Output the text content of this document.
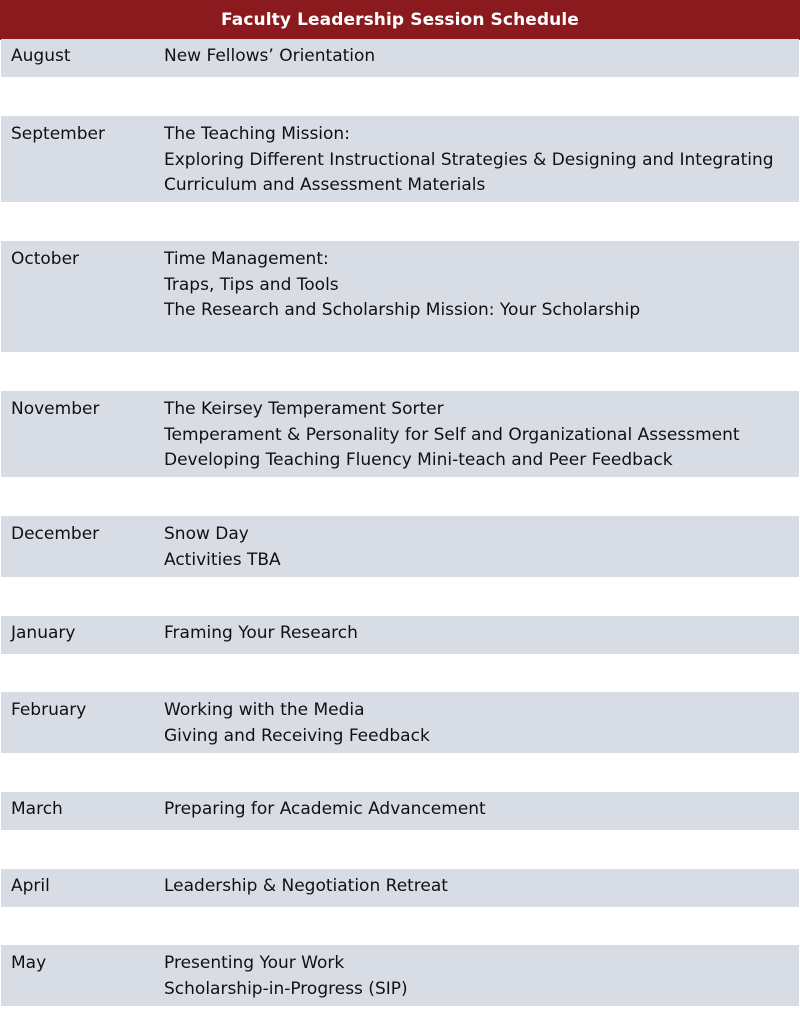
Faculty Leadership Session Schedule
August	New Fellows’ Orientation
September	The Teaching Mission:
Exploring Different Instructional Strategies & Designing and Integrating
Curriculum and Assessment Materials
October	Time Management:
Traps, Tips and Tools
The Research and Scholarship Mission: Your Scholarship
November	The Keirsey Temperament Sorter
Temperament & Personality for Self and Organizational Assessment
Developing Teaching Fluency Mini-teach and Peer Feedback
December	Snow Day
Activities TBA
January	Framing Your Research
February	Working with the Media
Giving and Receiving Feedback
March	Preparing for Academic Advancement
April	Leadership & Negotiation Retreat
May	Presenting Your Work
Scholarship-in-Progress (SIP)
